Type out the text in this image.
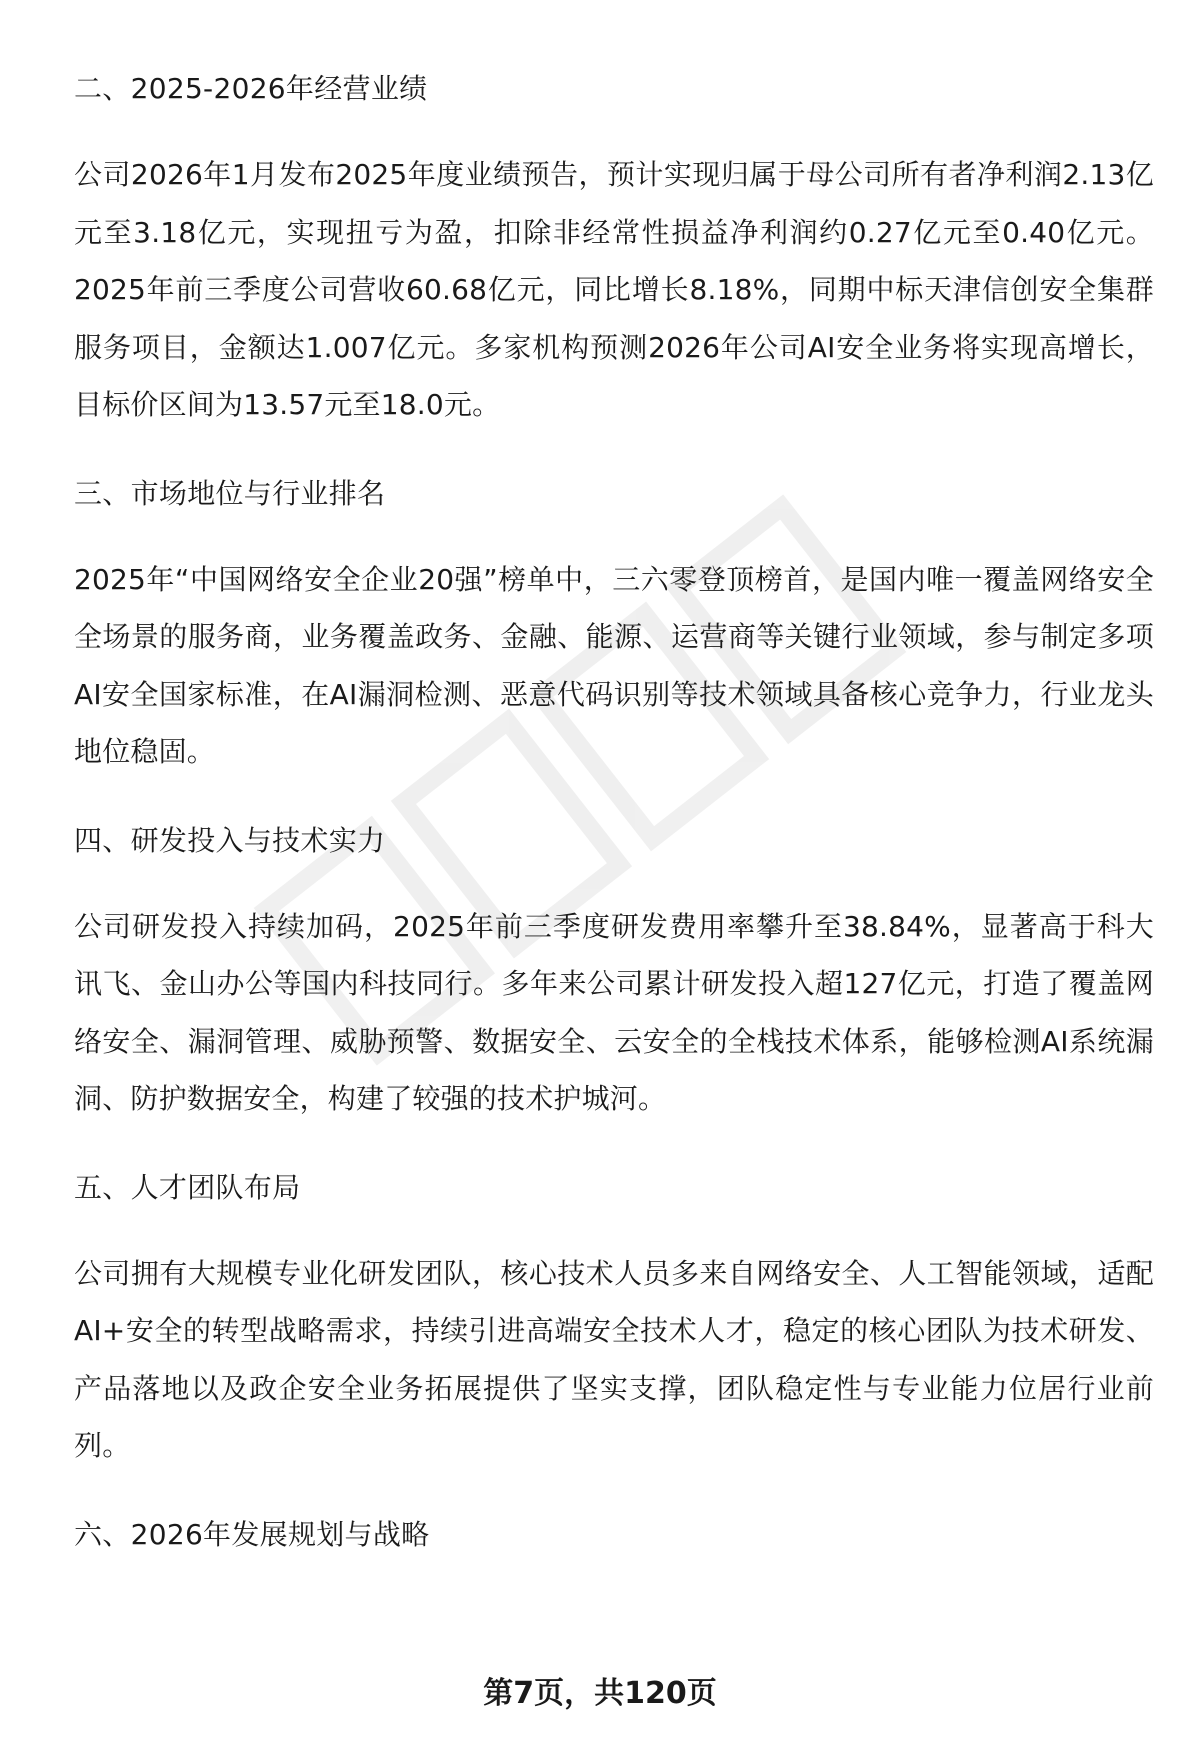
二、2025-2026年经营业绩

公司2026年1月发布2025年度业绩预告，预计实现归属于母公司所有者净利润2.13亿元至3.18亿元，实现扭亏为盈，扣除非经常性损益净利润约0.27亿元至0.40亿元。2025年前三季度公司营收60.68亿元，同比增长8.18%，同期中标天津信创安全集群服务项目，金额达1.007亿元。多家机构预测2026年公司AI安全业务将实现高增长，目标价区间为13.57元至18.0元。

三、市场地位与行业排名

2025年“中国网络安全企业20强”榜单中，三六零登顶榜首，是国内唯一覆盖网络安全全场景的服务商，业务覆盖政务、金融、能源、运营商等关键行业领域，参与制定多项AI安全国家标准，在AI漏洞检测、恶意代码识别等技术领域具备核心竞争力，行业龙头地位稳固。

四、研发投入与技术实力

公司研发投入持续加码，2025年前三季度研发费用率攀升至38.84%，显著高于科大讯飞、金山办公等国内科技同行。多年来公司累计研发投入超127亿元，打造了覆盖网络安全、漏洞管理、威胁预警、数据安全、云安全的全栈技术体系，能够检测AI系统漏洞、防护数据安全，构建了较强的技术护城河。

五、人才团队布局

公司拥有大规模专业化研发团队，核心技术人员多来自网络安全、人工智能领域，适配AI+安全的转型战略需求，持续引进高端安全技术人才，稳定的核心团队为技术研发、产品落地以及政企安全业务拓展提供了坚实支撑，团队稳定性与专业能力位居行业前列。

六、2026年发展规划与战略
第7页，共120页
